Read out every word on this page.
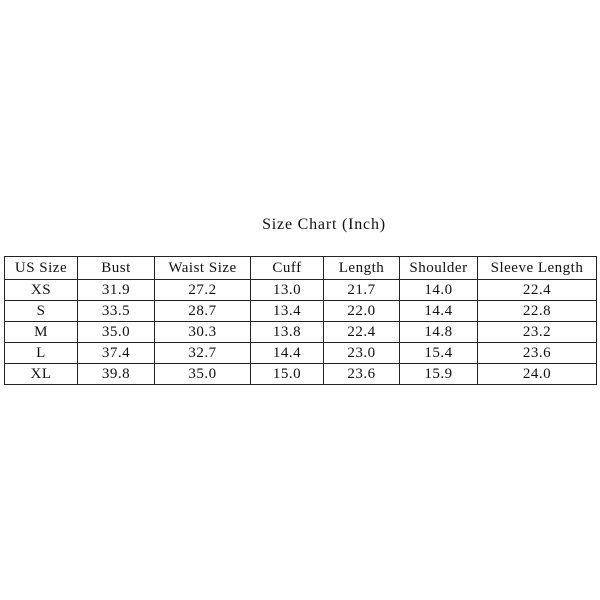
Size Chart (Inch)
US Size	Bust	Waist Size	Cuff	Length	Shoulder	Sleeve Length
XS	31.9	27.2	13.0	21.7	14.0	22.4
S	33.5	28.7	13.4	22.0	14.4	22.8
M	35.0	30.3	13.8	22.4	14.8	23.2
L	37.4	32.7	14.4	23.0	15.4	23.6
XL	39.8	35.0	15.0	23.6	15.9	24.0
